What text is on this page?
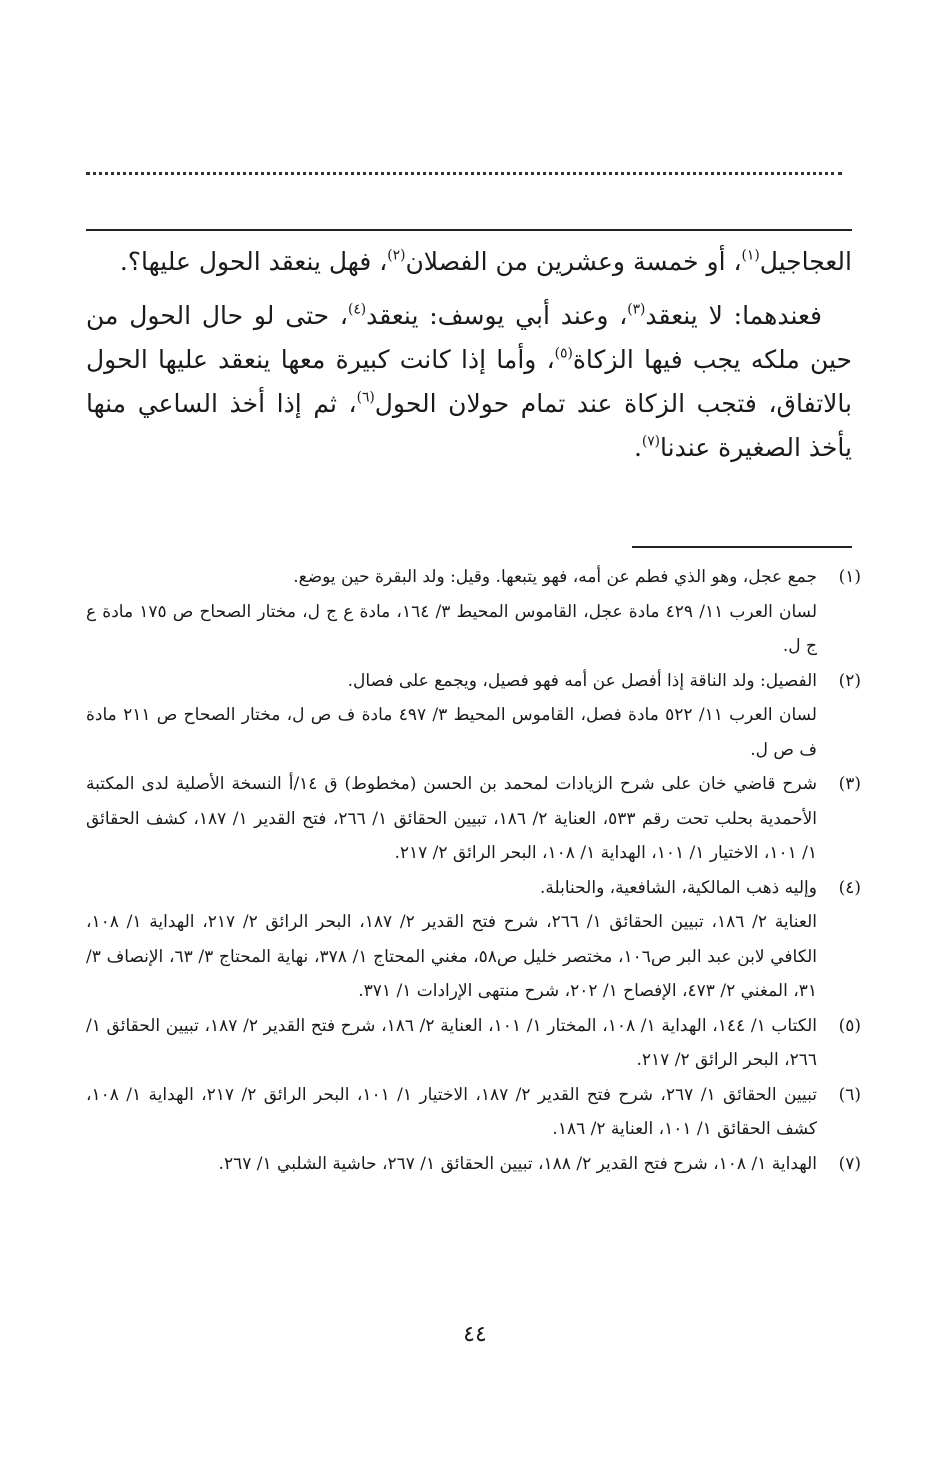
العجاجيل$^{(١)}$، أو خمسة وعشرين من الفصلان$^{(٢)}$، فهل ينعقد الحول عليها؟.

فعندهما: لا ينعقد$^{(٣)}$، وعند أبي يوسف: ينعقد$^{(٤)}$، حتى لو حال الحول من حين ملكه يجب فيها الزكاة$^{(٥)}$، وأما إذا كانت كبيرة معها ينعقد عليها الحول بالاتفاق، فتجب الزكاة عند تمام حولان الحول$^{(٦)}$، ثم إذا أخذ الساعي منها يأخذ الصغيرة عندنا$^{(٧)}$.

(١)
جمع عجل، وهو الذي فطم عن أمه، فهو يتبعها. وقيل: ولد البقرة حين يوضع.
لسان العرب ١١/ ٤٢٩ مادة عجل، القاموس المحيط ٣/ ١٦٤، مادة ع ج ل، مختار الصحاح ص ١٧٥ مادة ع ج ل.
(٢)
الفصيل: ولد الناقة إذا أفصل عن أمه فهو فصيل، ويجمع على فصال.
لسان العرب ١١/ ٥٢٢ مادة فصل، القاموس المحيط ٣/ ٤٩٧ مادة ف ص ل، مختار الصحاح ص ٢١١ مادة ف ص ل.
(٣)
شرح قاضي خان على شرح الزيادات لمحمد بن الحسن (مخطوط) ق ١٤/أ النسخة الأصلية لدى المكتبة الأحمدية بحلب تحت رقم ٥٣٣، العناية ٢/ ١٨٦، تبيين الحقائق ١/ ٢٦٦، فتح القدير ١/ ١٨٧، كشف الحقائق ١/ ١٠١، الاختيار ١/ ١٠١، الهداية ١/ ١٠٨، البحر الرائق ٢/ ٢١٧.
(٤)
وإليه ذهب المالكية، الشافعية، والحنابلة.
العناية ٢/ ١٨٦، تبيين الحقائق ١/ ٢٦٦، شرح فتح القدير ٢/ ١٨٧، البحر الرائق ٢/ ٢١٧، الهداية ١/ ١٠٨، الكافي لابن عبد البر ص١٠٦، مختصر خليل ص٥٨، مغني المحتاج ١/ ٣٧٨، نهاية المحتاج ٣/ ٦٣، الإنصاف ٣/ ٣١، المغني ٢/ ٤٧٣، الإفصاح ١/ ٢٠٢، شرح منتهى الإرادات ١/ ٣٧١.
(٥)
الكتاب ١/ ١٤٤، الهداية ١/ ١٠٨، المختار ١/ ١٠١، العناية ٢/ ١٨٦، شرح فتح القدير ٢/ ١٨٧، تبيين الحقائق ١/ ٢٦٦، البحر الرائق ٢/ ٢١٧.
(٦)
تبيين الحقائق ١/ ٢٦٧، شرح فتح القدير ٢/ ١٨٧، الاختيار ١/ ١٠١، البحر الرائق ٢/ ٢١٧، الهداية ١/ ١٠٨، كشف الحقائق ١/ ١٠١، العناية ٢/ ١٨٦.
(٧)
الهداية ١/ ١٠٨، شرح فتح القدير ٢/ ١٨٨، تبيين الحقائق ١/ ٢٦٧، حاشية الشلبي ١/ ٢٦٧.
٤٤
